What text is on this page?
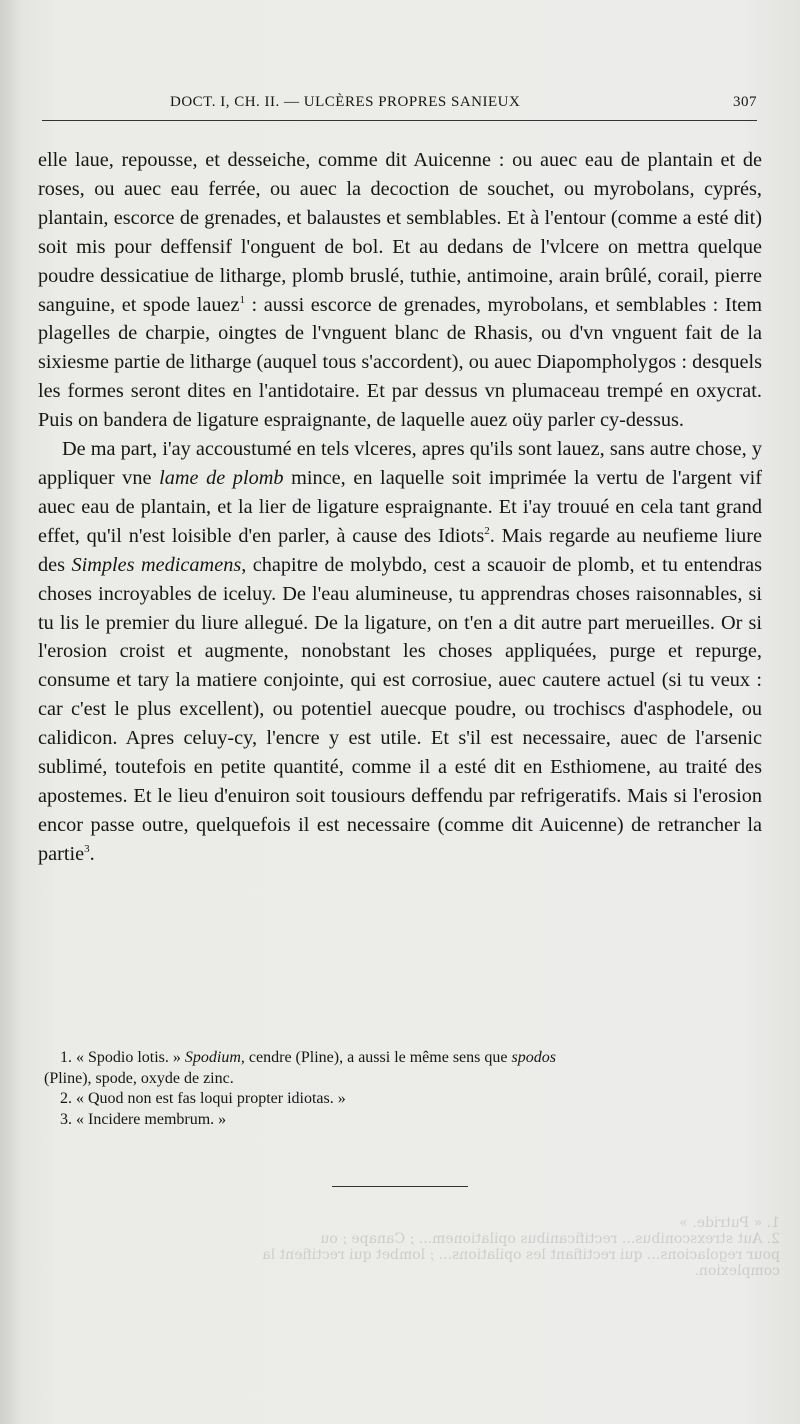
1. « Putride. »
2. Aut strexsconibus... rectificanibus opilationem... ; Canape ; ou
pour regolacions... qui rectifiant les opilations... ; lombet qui rectifient la
complexion.
DOCT. I, CH. II. — ULCÈRES PROPRES SANIEUX	307

elle laue, repousse, et desseiche, comme dit Auicenne : ou auec eau de plantain et de roses, ou auec eau ferrée, ou auec la decoction de souchet, ou myrobolans, cyprés, plantain, escorce de grenades, et balaustes et semblables. Et à l'entour (comme a esté dit) soit mis pour deffensif l'onguent de bol. Et au dedans de l'vlcere on mettra quelque poudre dessicatiue de litharge, plomb bruslé, tuthie, antimoine, arain brûlé, corail, pierre sanguine, et spode lauez$^1$ : aussi escorce de grenades, myrobolans, et semblables : Item plagelles de charpie, oingtes de l'vnguent blanc de Rhasis, ou d'vn vnguent fait de la sixiesme partie de litharge (auquel tous s'accordent), ou auec Diapompholygos : desquels les formes seront dites en l'antidotaire. Et par dessus vn plumaceau trempé en oxycrat. Puis on bandera de ligature espraignante, de laquelle auez oüy parler cy-dessus.

De ma part, i'ay accoustumé en tels vlceres, apres qu'ils sont lauez, sans autre chose, y appliquer vne lame de plomb mince, en laquelle soit imprimée la vertu de l'argent vif auec eau de plantain, et la lier de ligature espraignante. Et i'ay trouué en cela tant grand effet, qu'il n'est loisible d'en parler, à cause des Idiots$^2$. Mais regarde au neufieme liure des Simples medicamens, chapitre de molybdo, cest a scauoir de plomb, et tu entendras choses incroyables de iceluy. De l'eau alumineuse, tu apprendras choses raisonnables, si tu lis le premier du liure allegué. De la ligature, on t'en a dit autre part merueilles. Or si l'erosion croist et augmente, nonobstant les choses appliquées, purge et repurge, consume et tary la matiere conjointe, qui est corrosiue, auec cautere actuel (si tu veux : car c'est le plus excellent), ou potentiel auecque poudre, ou trochiscs d'asphodele, ou calidicon. Apres celuy-cy, l'encre y est utile. Et s'il est necessaire, auec de l'arsenic sublimé, toutefois en petite quantité, comme il a esté dit en Esthiomene, au traité des apostemes. Et le lieu d'enuiron soit tousiours deffendu par refrigeratifs. Mais si l'erosion encor passe outre, quelquefois il est necessaire (comme dit Auicenne) de retrancher la partie$^3$.

1. « Spodio lotis. » Spodium, cendre (Pline), a aussi le même sens que spodos
(Pline), spode, oxyde de zinc.
2. « Quod non est fas loqui propter idiotas. »
3. « Incidere membrum. »
